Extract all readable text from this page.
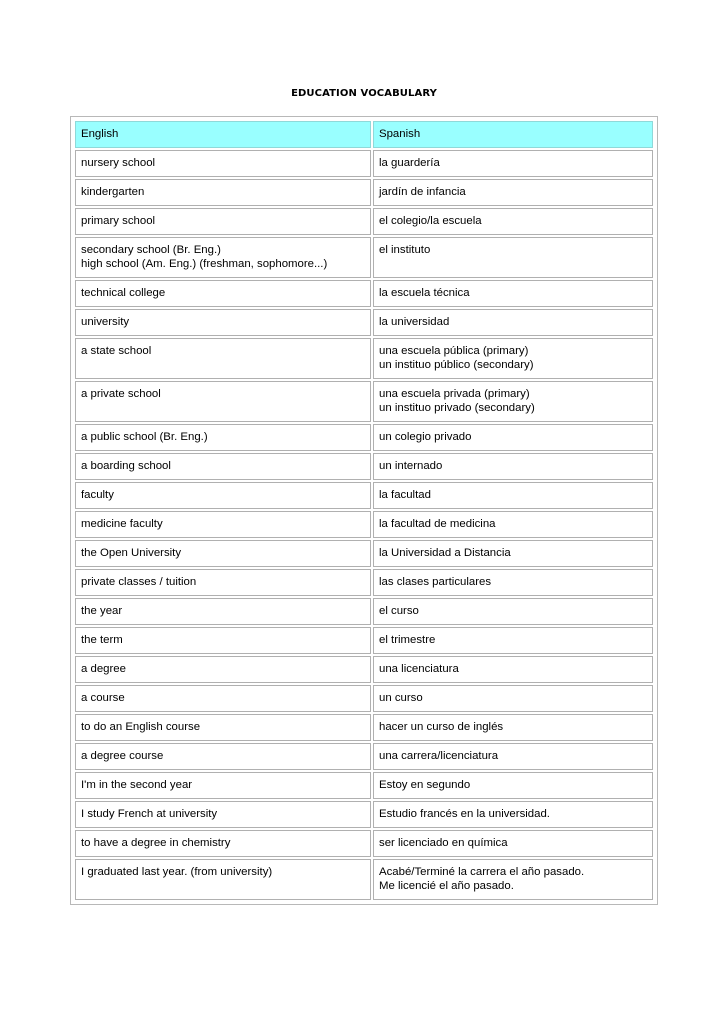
EDUCATION VOCABULARY
English	Spanish
nursery school	la guardería
kindergarten	jardín de infancia
primary school	el colegio/la escuela
secondary school (Br. Eng.)
high school (Am. Eng.) (freshman, sophomore...)	el instituto
technical college	la escuela técnica
university	la universidad
a state school	una escuela pública (primary)
un instituo público (secondary)
a private school	una escuela privada (primary)
un instituo privado (secondary)
a public school (Br. Eng.)	un colegio privado
a boarding school	un internado
faculty	la facultad
medicine faculty	la facultad de medicina
the Open University	la Universidad a Distancia
private classes / tuition	las clases particulares
the year	el curso
the term	el trimestre
a degree	una licenciatura
a course	un curso
to do an English course	hacer un curso de inglés
a degree course	una carrera/licenciatura
I'm in the second year	Estoy en segundo
I study French at university	Estudio francés en la universidad.
to have a degree in chemistry	ser licenciado en química
I graduated last year. (from university)	Acabé/Terminé la carrera el año pasado.
Me licencié el año pasado.
